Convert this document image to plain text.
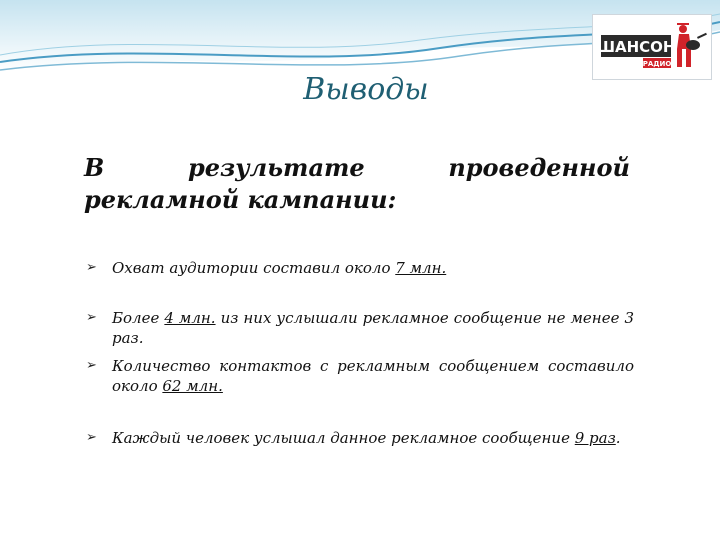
ШАНСОН
РАДИО
Выводы
В результате проведенной рекламной кампании:
➢	Охват аудитории составил около 7 млн.
➢	Более 4 млн. из них услышали рекламное сообщение не менее 3 раз.
➢	Количество контактов с рекламным сообщением составило около 62 млн.
➢	Каждый человек услышал данное рекламное сообщение 9 раз.
